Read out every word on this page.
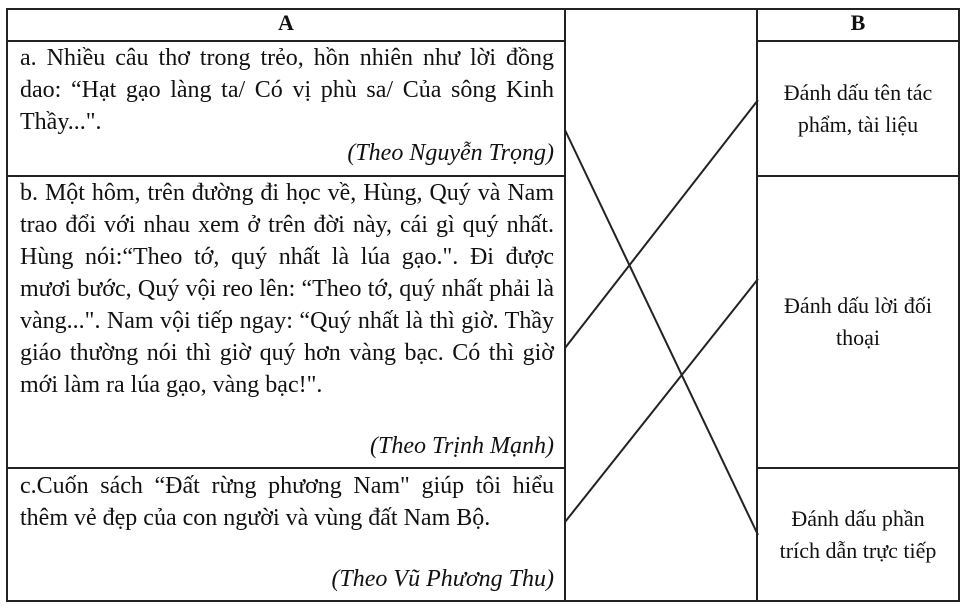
A
a. Nhiều câu thơ trong trẻo, hồn nhiên như lời đồng dao: “Hạt gạo làng ta/ Có vị phù sa/ Của sông Kinh Thầy...".
(Theo Nguyễn Trọng)
b. Một hôm, trên đường đi học về, Hùng, Quý và Nam trao đổi với nhau xem ở trên đời này, cái gì quý nhất. Hùng nói:“Theo tớ, quý nhất là lúa gạo.". Đi được mươi bước, Quý vội reo lên: “Theo tớ, quý nhất phải là vàng...". Nam vội tiếp ngay: “Quý nhất là thì giờ. Thầy giáo thường nói thì giờ quý hơn vàng bạc. Có thì giờ mới làm ra lúa gạo, vàng bạc!".
(Theo Trịnh Mạnh)
c.Cuốn sách “Đất rừng phương Nam" giúp tôi hiểu thêm vẻ đẹp của con người và vùng đất Nam Bộ.
(Theo Vũ Phương Thu)
B
Đánh dấu tên tác phẩm, tài liệu
Đánh dấu lời đối thoại
Đánh dấu phần trích dẫn trực tiếp
